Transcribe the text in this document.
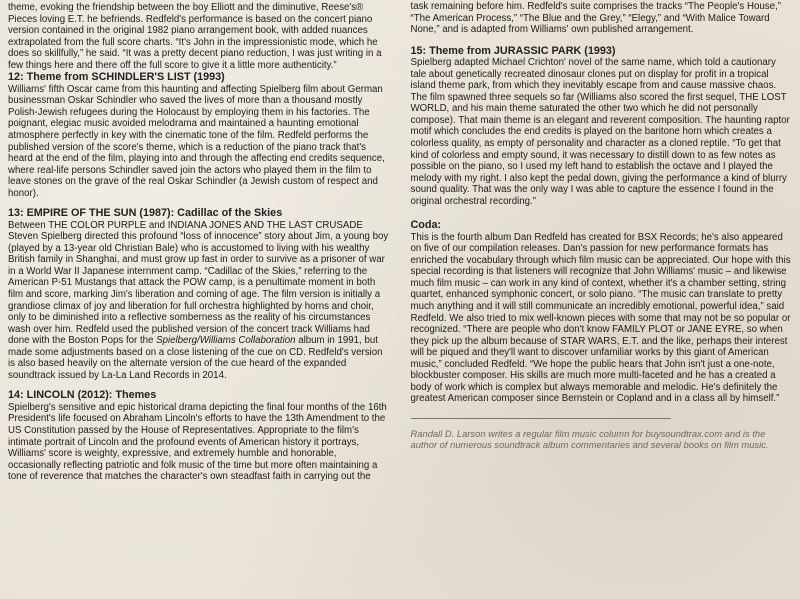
theme, evoking the friendship between the boy Elliott and the diminutive, Reese's® Pieces loving E.T. he befriends. Redfeld's performance is based on the concert piano version contained in the original 1982 piano arrangement book, with added nuances extrapolated from the full score charts. “It's John in the impressionistic mode, which he does so skillfully,” he said. “It was a pretty decent piano reduction, I was just writing in a few things here and there off the full score to give it a little more authenticity.”

12: Theme from SCHINDLER'S LIST (1993)

Williams' fifth Oscar came from this haunting and affecting Spielberg film about German businessman Oskar Schindler who saved the lives of more than a thousand mostly Polish-Jewish refugees during the Holocaust by employing them in his factories. The poignant, elegiac music avoided melodrama and maintained a haunting emotional atmosphere perfectly in key with the cinematic tone of the film. Redfeld performs the published version of the score's theme, which is a reduction of the piano track that's heard at the end of the film, playing into and through the affecting end credits sequence, where real-life persons Schindler saved join the actors who played them in the film to leave stones on the grave of the real Oskar Schindler (a Jewish custom of respect and honor).

13: EMPIRE OF THE SUN (1987): Cadillac of the Skies

Between THE COLOR PURPLE and INDIANA JONES AND THE LAST CRUSADE Steven Spielberg directed this profound “loss of innocence” story about Jim, a young boy (played by a 13-year old Christian Bale) who is accustomed to living with his wealthy British family in Shanghai, and must grow up fast in order to survive as a prisoner of war in a World War II Japanese internment camp. “Cadillac of the Skies,” referring to the American P-51 Mustangs that attack the POW camp, is a penultimate moment in both film and score, marking Jim's liberation and coming of age. The film version is initially a grandiose climax of joy and liberation for full orchestra highlighted by horns and choir, only to be diminished into a reflective somberness as the reality of his circumstances wash over him. Redfeld used the published version of the concert track Williams had done with the Boston Pops for the Spielberg/Williams Collaboration album in 1991, but made some adjustments based on a close listening of the cue on CD. Redfeld's version is also based heavily on the alternate version of the cue heard of the expanded soundtrack issued by La-La Land Records in 2014.

14: LINCOLN (2012): Themes

Spielberg's sensitive and epic historical drama depicting the final four months of the 16th President's life focused on Abraham Lincoln's efforts to have the 13th Amendment to the US Constitution passed by the House of Representatives. Appropriate to the film's intimate portrait of Lincoln and the profound events of American history it portrays, Williams' score is weighty, expressive, and extremely humble and honorable, occasionally reflecting patriotic and folk music of the time but more often maintaining a tone of reverence that matches the character's own steadfast faith in carrying out the

task remaining before him. Redfeld's suite comprises the tracks “The People's House,” “The American Process,” “The Blue and the Grey,” “Elegy,” and “With Malice Toward None,” and is adapted from Williams' own published arrangement.

15: Theme from JURASSIC PARK (1993)

Spielberg adapted Michael Crichton' novel of the same name, which told a cautionary tale about genetically recreated dinosaur clones put on display for profit in a tropical island theme park, from which they inevitably escape from and cause massive chaos. The film spawned three sequels so far (Williams also scored the first sequel, THE LOST WORLD, and his main theme saturated the other two which he did not personally compose). That main theme is an elegant and reverent composition. The haunting raptor motif which concludes the end credits is played on the baritone horn which creates a colorless quality, as empty of personality and character as a cloned reptile. “To get that kind of colorless and empty sound, it was necessary to distill down to as few notes as possible on the piano, so I used my left hand to establish the octave and I played the melody with my right. I also kept the pedal down, giving the performance a kind of blurry sound quality. That was the only way I was able to capture the essence I found in the original orchestral recording.”

Coda:

This is the fourth album Dan Redfeld has created for BSX Records; he's also appeared on five of our compilation releases. Dan's passion for new performance formats has enriched the vocabulary through which film music can be appreciated. Our hope with this special recording is that listeners will recognize that John Williams' music – and likewise much film music – can work in any kind of context, whether it's a chamber setting, string quartet, enhanced symphonic concert, or solo piano. “The music can translate to pretty much anything and it will still communicate an incredibly emotional, powerful idea,” said Redfeld. We also tried to mix well-known pieces with some that may not be so popular or recognized. “There are people who don't know FAMILY PLOT or JANE EYRE, so when they pick up the album because of STAR WARS, E.T. and the like, perhaps their interest will be piqued and they'll want to discover unfamiliar works by this giant of American music,” concluded Redfeld. “We hope the public hears that John isn't just a one-note, blockbuster composer. His skills are much more multi-faceted and he has a created a body of work which is complex but always memorable and melodic. He's definitely the greatest American composer since Bernstein or Copland and in a class all by himself.”

Randall D. Larson writes a regular film music column for buysoundtrax.com and is the author of numerous soundtrack album commentaries and several books on film music.
